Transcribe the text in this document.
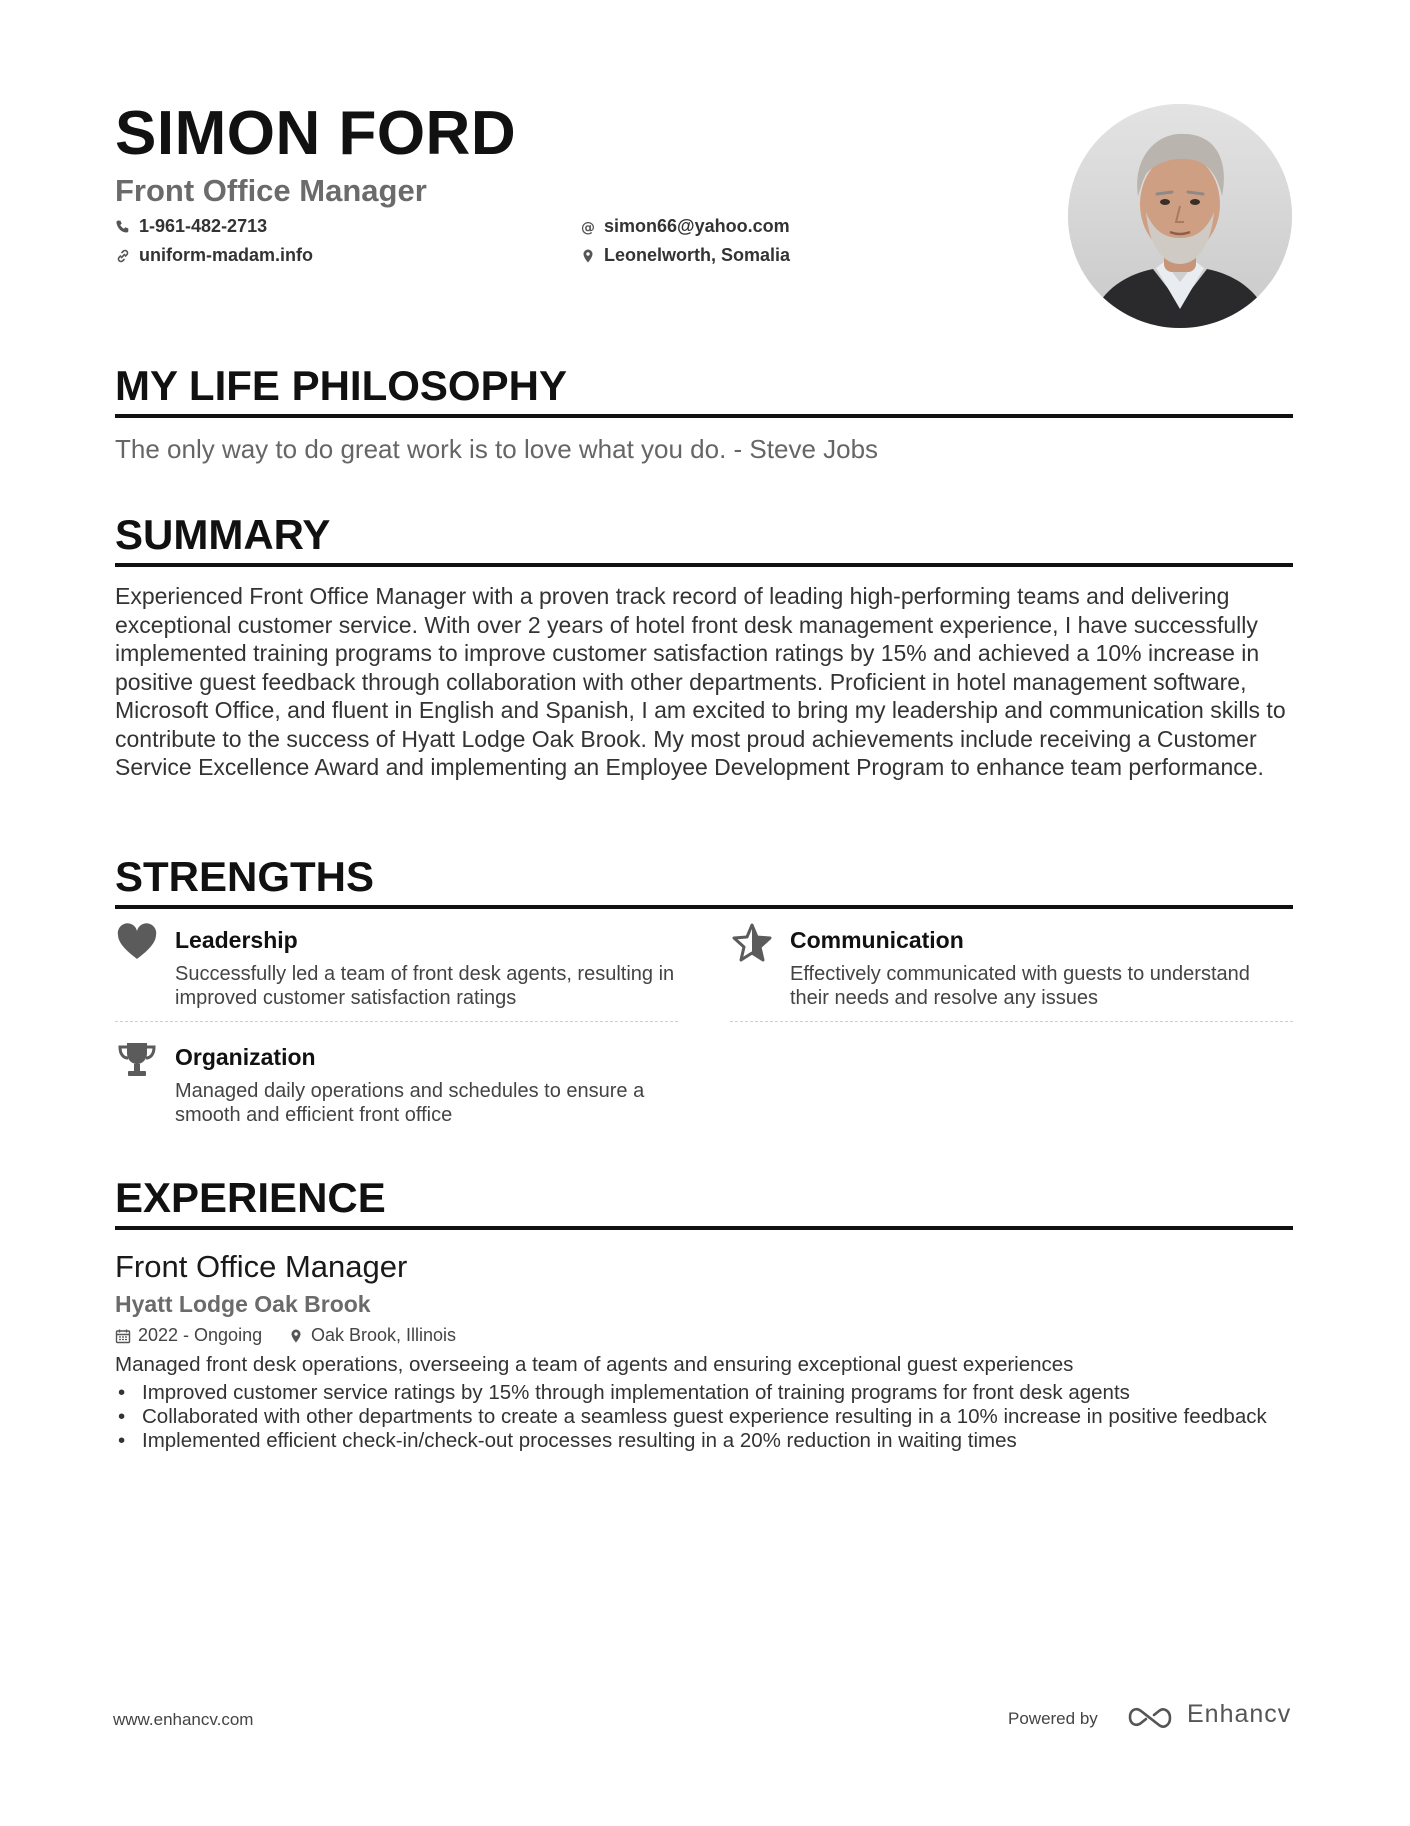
SIMON FORD
Front Office Manager
1-961-482-2713
uniform-madam.info
@ simon66@yahoo.com
Leonelworth, Somalia
MY LIFE PHILOSOPHY

The only way to do great work is to love what you do. - Steve Jobs

SUMMARY

Experienced Front Office Manager with a proven track record of leading high-performing teams and delivering exceptional customer service. With over 2 years of hotel front desk management experience, I have successfully implemented training programs to improve customer satisfaction ratings by 15% and achieved a 10% increase in positive guest feedback through collaboration with other departments. Proficient in hotel management software, Microsoft Office, and fluent in English and Spanish, I am excited to bring my leadership and communication skills to contribute to the success of Hyatt Lodge Oak Brook. My most proud achievements include receiving a Customer Service Excellence Award and implementing an Employee Development Program to enhance team performance.

STRENGTHS
Leadership

Successfully led a team of front desk agents, resulting in improved customer satisfaction ratings

Communication

Effectively communicated with guests to understand their needs and resolve any issues

Organization

Managed daily operations and schedules to ensure a smooth and efficient front office

EXPERIENCE
Front Office Manager
Hyatt Lodge Oak Brook
2022 - Ongoing	Oak Brook, Illinois

Managed front desk operations, overseeing a team of agents and ensuring exceptional guest experiences

• Improved customer service ratings by 15% through implementation of training programs for front desk agents
• Collaborated with other departments to create a seamless guest experience resulting in a 10% increase in positive feedback
• Implemented efficient check-in/check-out processes resulting in a 20% reduction in waiting times

www.enhancv.com	Powered by	Enhancv
